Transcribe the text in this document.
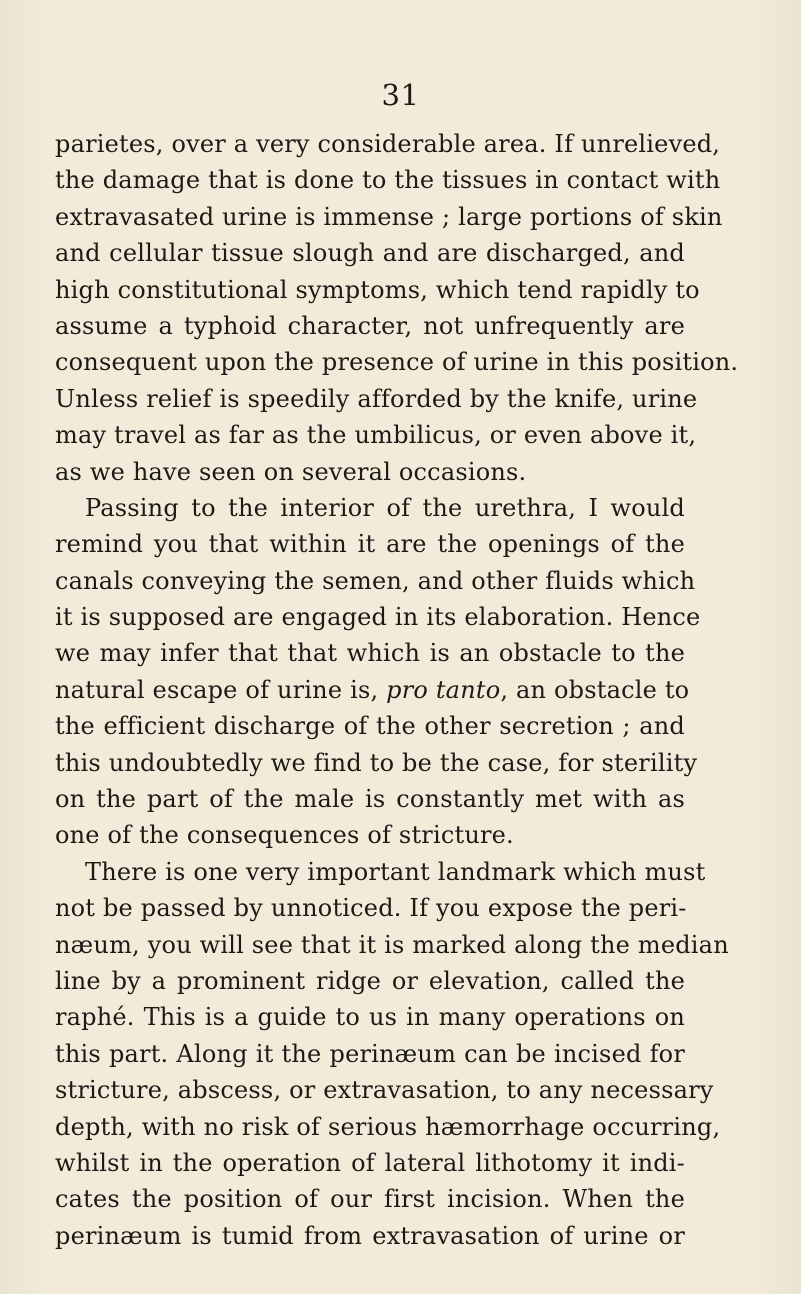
31
parietes, over a very considerable area. If unrelieved,
the damage that is done to the tissues in contact with
extravasated urine is immense ; large portions of skin
and cellular tissue slough and are discharged, and
high constitutional symptoms, which tend rapidly to
assume a typhoid character, not unfrequently are
consequent upon the presence of urine in this position.
Unless relief is speedily afforded by the knife, urine
may travel as far as the umbilicus, or even above it,
as we have seen on several occasions.
Passing to the interior of the urethra, I would
remind you that within it are the openings of the
canals conveying the semen, and other fluids which
it is supposed are engaged in its elaboration. Hence
we may infer that that which is an obstacle to the
natural escape of urine is, pro tanto, an obstacle to
the efficient discharge of the other secretion ; and
this undoubtedly we find to be the case, for sterility
on the part of the male is constantly met with as
one of the consequences of stricture.
There is one very important landmark which must
not be passed by unnoticed. If you expose the peri-
næum, you will see that it is marked along the median
line by a prominent ridge or elevation, called the
raphé. This is a guide to us in many operations on
this part. Along it the perinæum can be incised for
stricture, abscess, or extravasation, to any necessary
depth, with no risk of serious hæmorrhage occurring,
whilst in the operation of lateral lithotomy it indi-
cates the position of our first incision. When the
perinæum is tumid from extravasation of urine or
